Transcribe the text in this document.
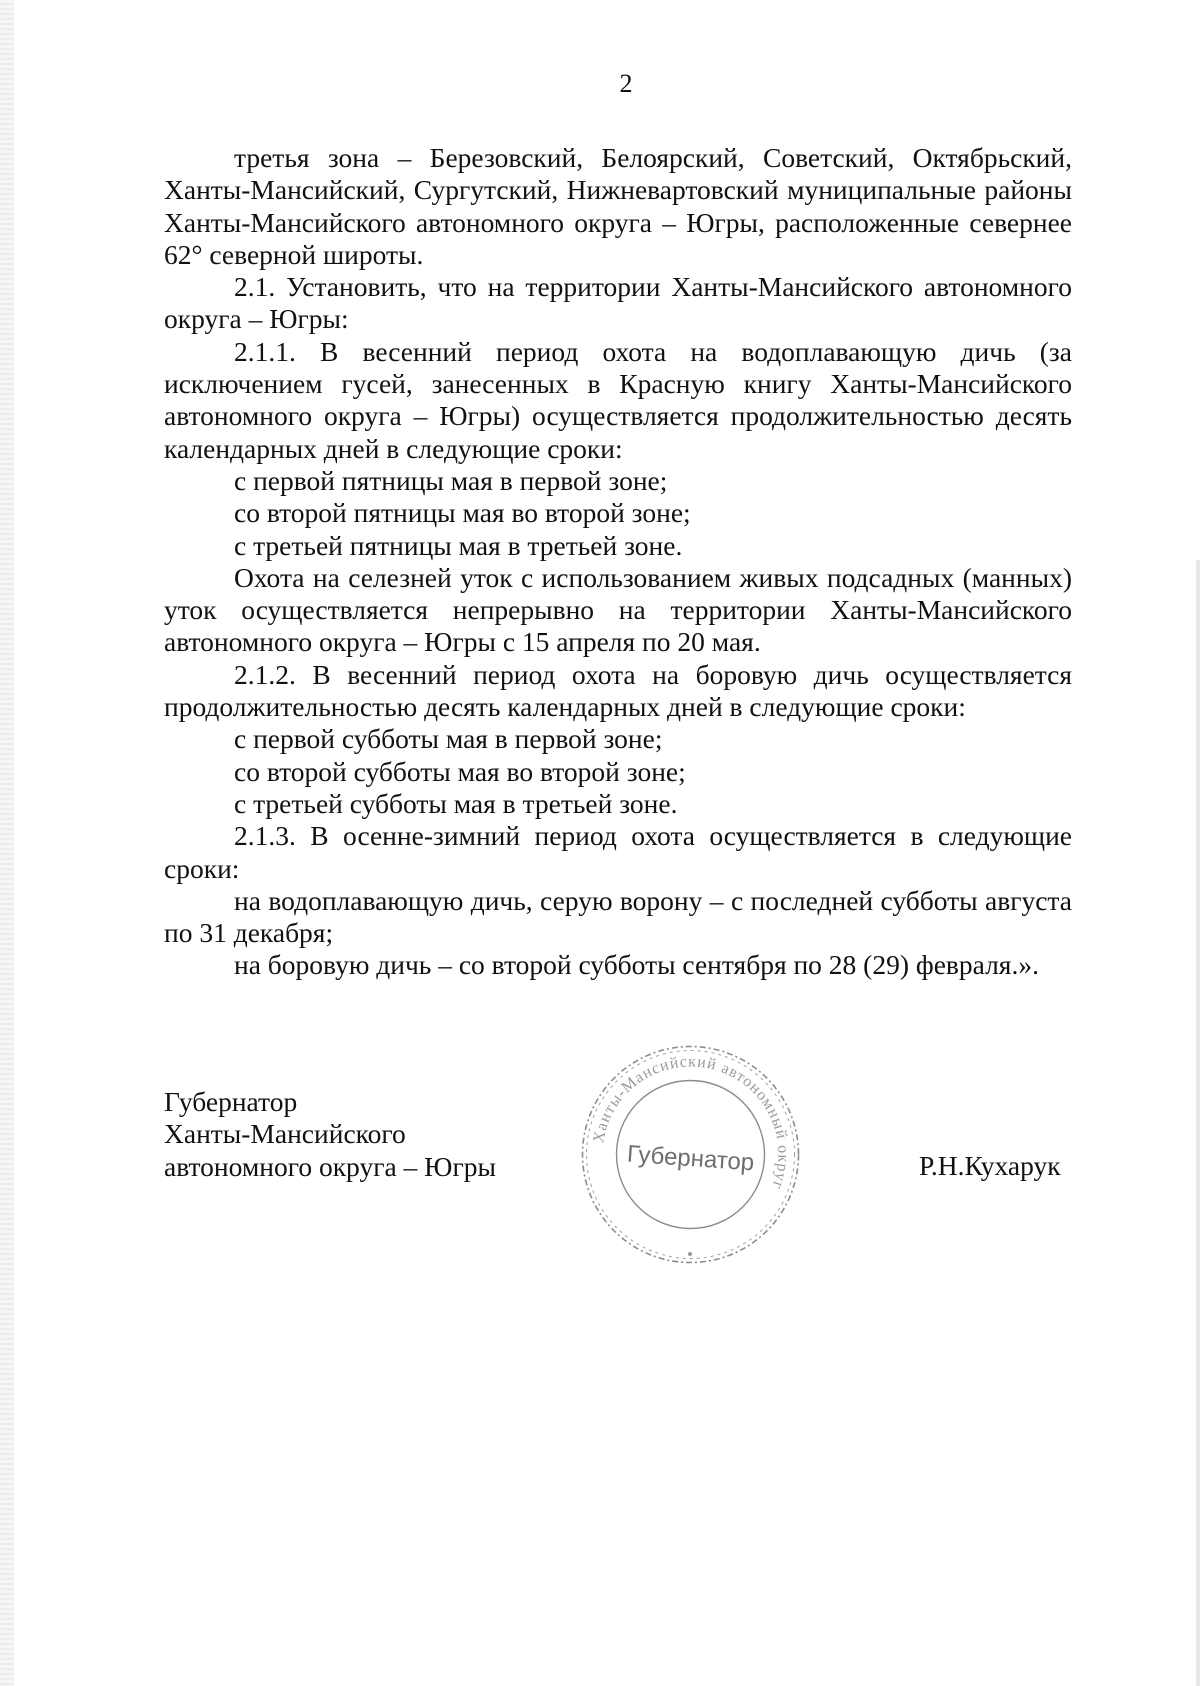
2

третья зона – Березовский, Белоярский, Советский, Октябрьский, Ханты-Мансийский, Сургутский, Нижневартовский муниципальные районы Ханты-Мансийского автономного округа – Югры, расположенные севернее 62° северной широты.

2.1. Установить, что на территории Ханты-Мансийского автономного округа – Югры:

2.1.1. В весенний период охота на водоплавающую дичь (за исключением гусей, занесенных в Красную книгу Ханты-Мансийского автономного округа – Югры) осуществляется продолжительностью десять календарных дней в следующие сроки:

с первой пятницы мая в первой зоне;

со второй пятницы мая во второй зоне;

с третьей пятницы мая в третьей зоне.

Охота на селезней уток с использованием живых подсадных (манных) уток осуществляется непрерывно на территории Ханты-Мансийского автономного округа – Югры с 15 апреля по 20 мая.

2.1.2. В весенний период охота на боровую дичь осуществляется продолжительностью десять календарных дней в следующие сроки:

с первой субботы мая в первой зоне;

со второй субботы мая во второй зоне;

с третьей субботы мая в третьей зоне.

2.1.3. В осенне-зимний период охота осуществляется в следующие сроки:

на водоплавающую дичь, серую ворону – с последней субботы августа по 31 декабря;

на боровую дичь – со второй субботы сентября по 28 (29) февраля.».

Губернатор
Ханты-Мансийского
автономного округа – Югры
Ханты-Мансийский автономный округ
Губернатор	Р.Н.Кухарук
